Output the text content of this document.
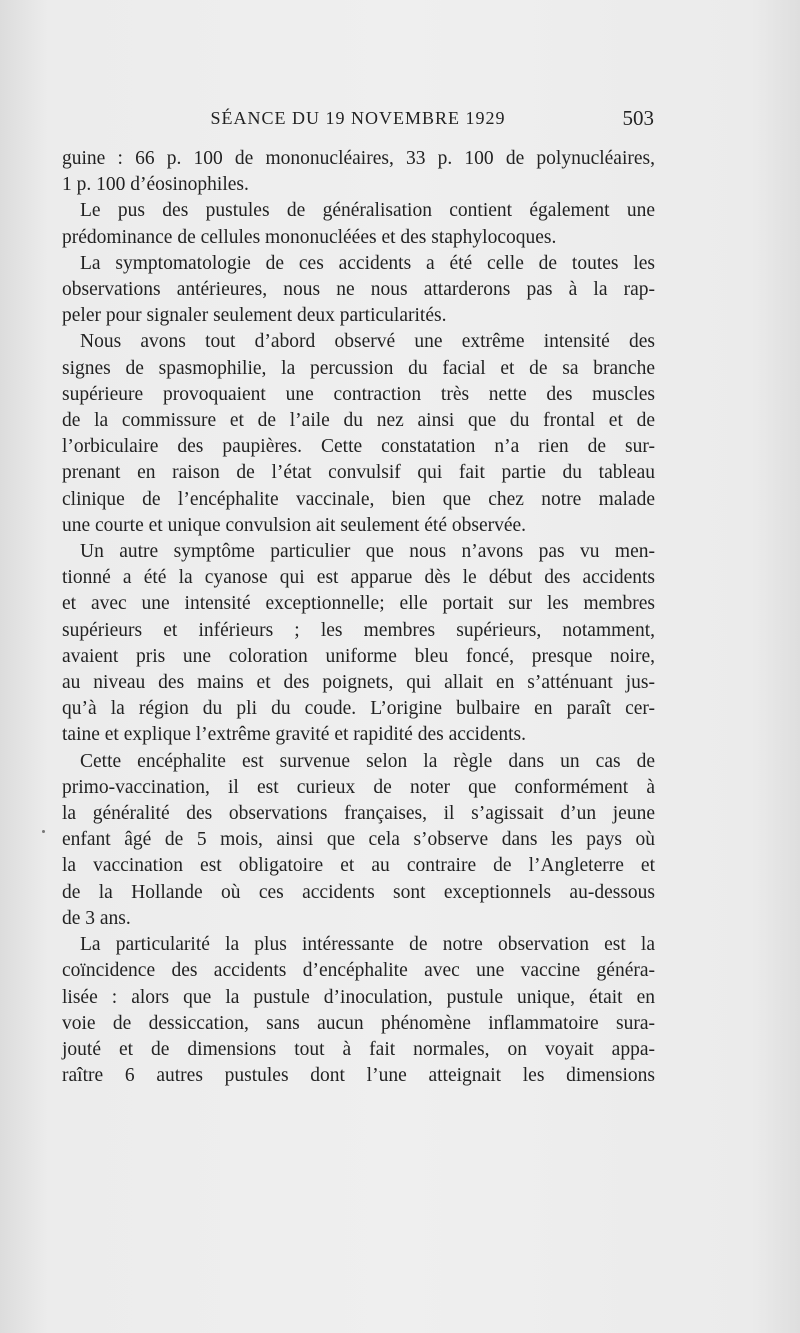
SÉANCE DU 19 NOVEMBRE 1929	503

guine : 66 p. 100 de mononucléaires, 33 p. 100 de polynucléaires,
1 p. 100 d’éosinophiles.

Le pus des pustules de généralisation contient également une
prédominance de cellules mononucléées et des staphylocoques.

La symptomatologie de ces accidents a été celle de toutes les
observations antérieures, nous ne nous attarderons pas à la rap-
peler pour signaler seulement deux particularités.

Nous avons tout d’abord observé une extrême intensité des
signes de spasmophilie, la percussion du facial et de sa branche
supérieure provoquaient une contraction très nette des muscles
de la commissure et de l’aile du nez ainsi que du frontal et de
l’orbiculaire des paupières. Cette constatation n’a rien de sur-
prenant en raison de l’état convulsif qui fait partie du tableau
clinique de l’encéphalite vaccinale, bien que chez notre malade
une courte et unique convulsion ait seulement été observée.

Un autre symptôme particulier que nous n’avons pas vu men-
tionné a été la cyanose qui est apparue dès le début des accidents
et avec une intensité exceptionnelle; elle portait sur les membres
supérieurs et inférieurs ; les membres supérieurs, notamment,
avaient pris une coloration uniforme bleu foncé, presque noire,
au niveau des mains et des poignets, qui allait en s’atténuant jus-
qu’à la région du pli du coude. L’origine bulbaire en paraît cer-
taine et explique l’extrême gravité et rapidité des accidents.

Cette encéphalite est survenue selon la règle dans un cas de
primo-vaccination, il est curieux de noter que conformément à
la généralité des observations françaises, il s’agissait d’un jeune
enfant âgé de 5 mois, ainsi que cela s’observe dans les pays où
la vaccination est obligatoire et au contraire de l’Angleterre et
de la Hollande où ces accidents sont exceptionnels au-dessous
de 3 ans.

La particularité la plus intéressante de notre observation est la
coïncidence des accidents d’encéphalite avec une vaccine généra-
lisée : alors que la pustule d’inoculation, pustule unique, était en
voie de dessiccation, sans aucun phénomène inflammatoire sura-
jouté et de dimensions tout à fait normales, on voyait appa-
raître 6 autres pustules dont l’une atteignait les dimensions
